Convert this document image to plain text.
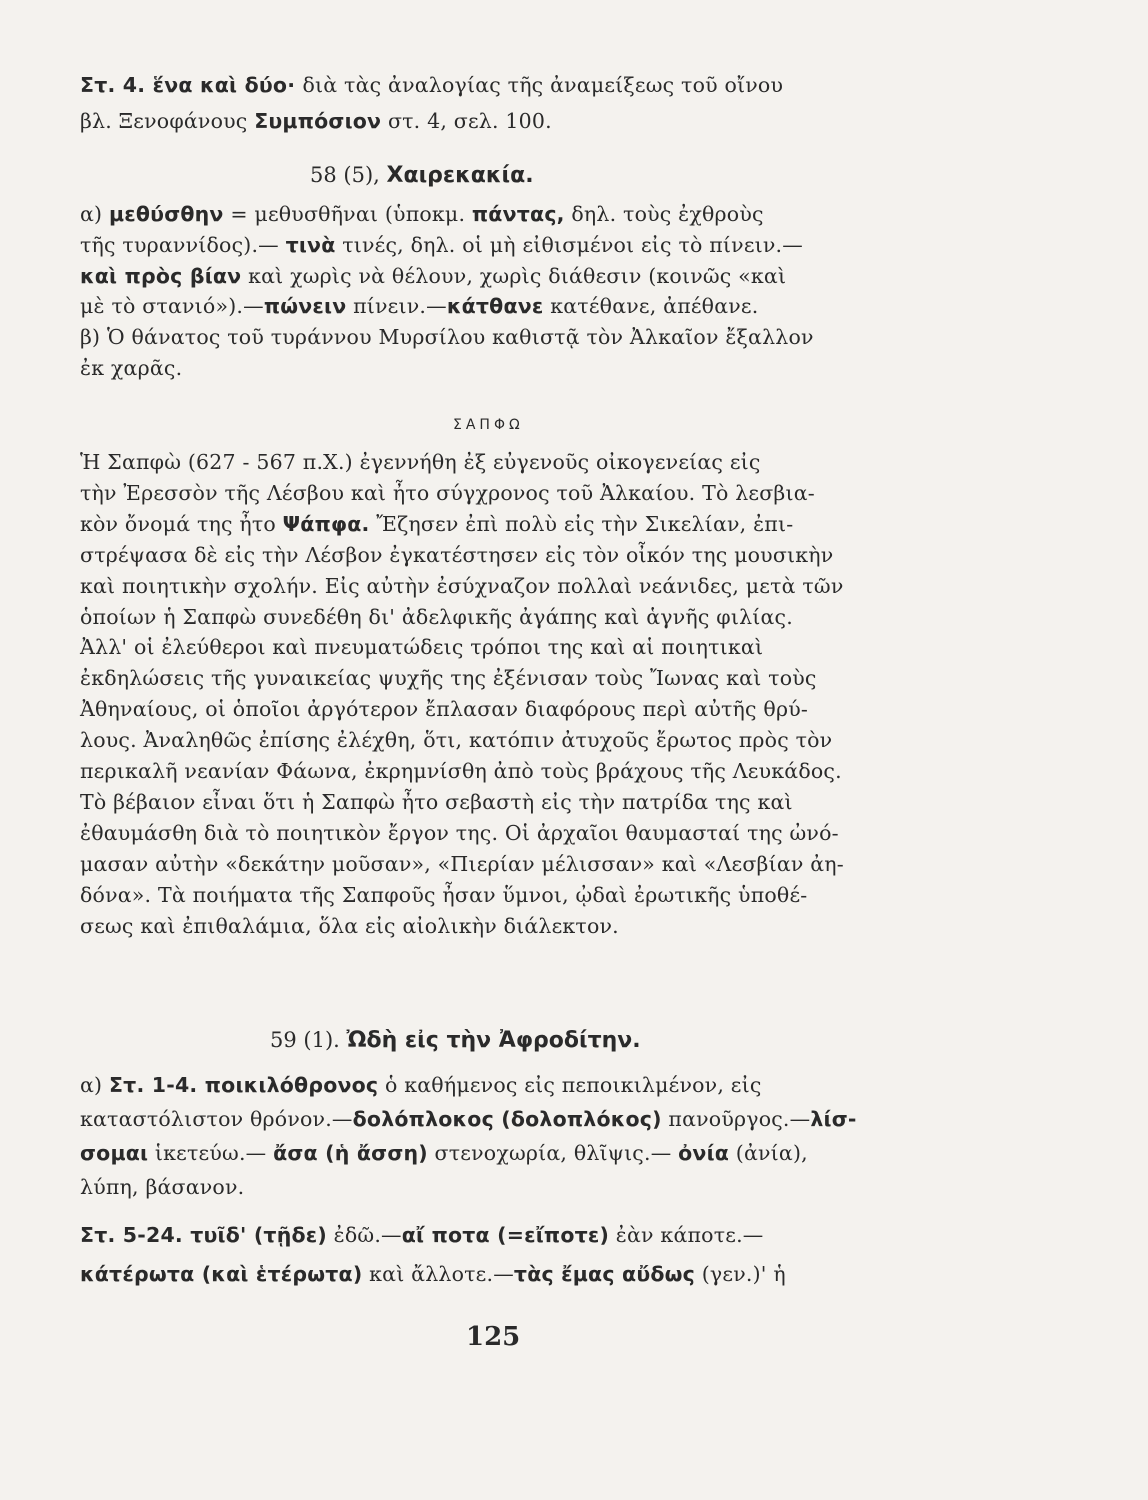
Στ. 4. ἕνα καὶ δύο· διὰ τὰς ἀναλογίας τῆς ἀναμείξεως τοῦ οἴνου
βλ. Ξενοφάνους Συμπόσιον στ. 4, σελ. 100.
58 (5), Χαιρεκακία.
α) μεθύσθην = μεθυσθῆναι (ὑποκμ. πάντας, δηλ. τοὺς ἐχθροὺς
τῆς τυραννίδος).— τινὰ τινές, δηλ. οἱ μὴ εἰθισμένοι εἰς τὸ πίνειν.—
καὶ πρὸς βίαν καὶ χωρὶς νὰ θέλουν, χωρὶς διάθεσιν (κοινῶς «καὶ
μὲ τὸ στανιό»).—πώνειν πίνειν.—κάτθανε κατέθανε, ἀπέθανε.
β) Ὁ θάνατος τοῦ τυράννου Μυρσίλου καθιστᾷ τὸν Ἀλκαῖον ἔξαλλον
ἐκ χαρᾶς.
ΣΑΠΦΩ
Ἡ Σαπφὼ (627 - 567 π.Χ.) ἐγεννήθη ἐξ εὐγενοῦς οἰκογενείας εἰς
τὴν Ἐρεσσὸν τῆς Λέσβου καὶ ἦτο σύγχρονος τοῦ Ἀλκαίου. Τὸ λεσβια-
κὸν ὄνομά της ἦτο Ψάπφα. Ἔζησεν ἐπὶ πολὺ εἰς τὴν Σικελίαν, ἐπι-
στρέψασα δὲ εἰς τὴν Λέσβον ἐγκατέστησεν εἰς τὸν οἶκόν της μουσικὴν
καὶ ποιητικὴν σχολήν. Εἰς αὐτὴν ἐσύχναζον πολλαὶ νεάνιδες, μετὰ τῶν
ὁποίων ἡ Σαπφὼ συνεδέθη δι' ἀδελφικῆς ἀγάπης καὶ ἁγνῆς φιλίας.
Ἀλλ' οἱ ἐλεύθεροι καὶ πνευματώδεις τρόποι της καὶ αἱ ποιητικαὶ
ἐκδηλώσεις τῆς γυναικείας ψυχῆς της ἐξένισαν τοὺς Ἴωνας καὶ τοὺς
Ἀθηναίους, οἱ ὁποῖοι ἀργότερον ἔπλασαν διαφόρους περὶ αὐτῆς θρύ-
λους. Ἀναληθῶς ἐπίσης ἐλέχθη, ὅτι, κατόπιν ἀτυχοῦς ἔρωτος πρὸς τὸν
περικαλῆ νεανίαν Φάωνα, ἐκρημνίσθη ἀπὸ τοὺς βράχους τῆς Λευκάδος.
Τὸ βέβαιον εἶναι ὅτι ἡ Σαπφὼ ἦτο σεβαστὴ εἰς τὴν πατρίδα της καὶ
ἐθαυμάσθη διὰ τὸ ποιητικὸν ἔργον της. Οἱ ἀρχαῖοι θαυμασταί της ὠνό-
μασαν αὐτὴν «δεκάτην μοῦσαν», «Πιερίαν μέλισσαν» καὶ «Λεσβίαν ἀη-
δόνα». Τὰ ποιήματα τῆς Σαπφοῦς ἦσαν ὕμνοι, ᾠδαὶ ἐρωτικῆς ὑποθέ-
σεως καὶ ἐπιθαλάμια, ὅλα εἰς αἰολικὴν διάλεκτον.
59 (1). Ὠδὴ εἰς τὴν Ἀφροδίτην.
α) Στ. 1-4. ποικιλόθρονος ὁ καθήμενος εἰς πεποικιλμένον, εἰς
καταστόλιστον θρόνον.—δολόπλοκος (δολοπλόκος) πανοῦργος.—λίσ-
σομαι ἱκετεύω.— ἄσα (ἡ ἄσση) στενοχωρία, θλῖψις.— ὀνία (ἀνία),
λύπη, βάσανον.
Στ. 5-24. τυῖδ' (τῇδε) ἐδῶ.—αἴ ποτα (=εἴποτε) ἐὰν κάποτε.—
κάτέρωτα (καὶ ἑτέρωτα) καὶ ἄλλοτε.—τὰς ἔμας αὔδως (γεν.)' ἡ
125
